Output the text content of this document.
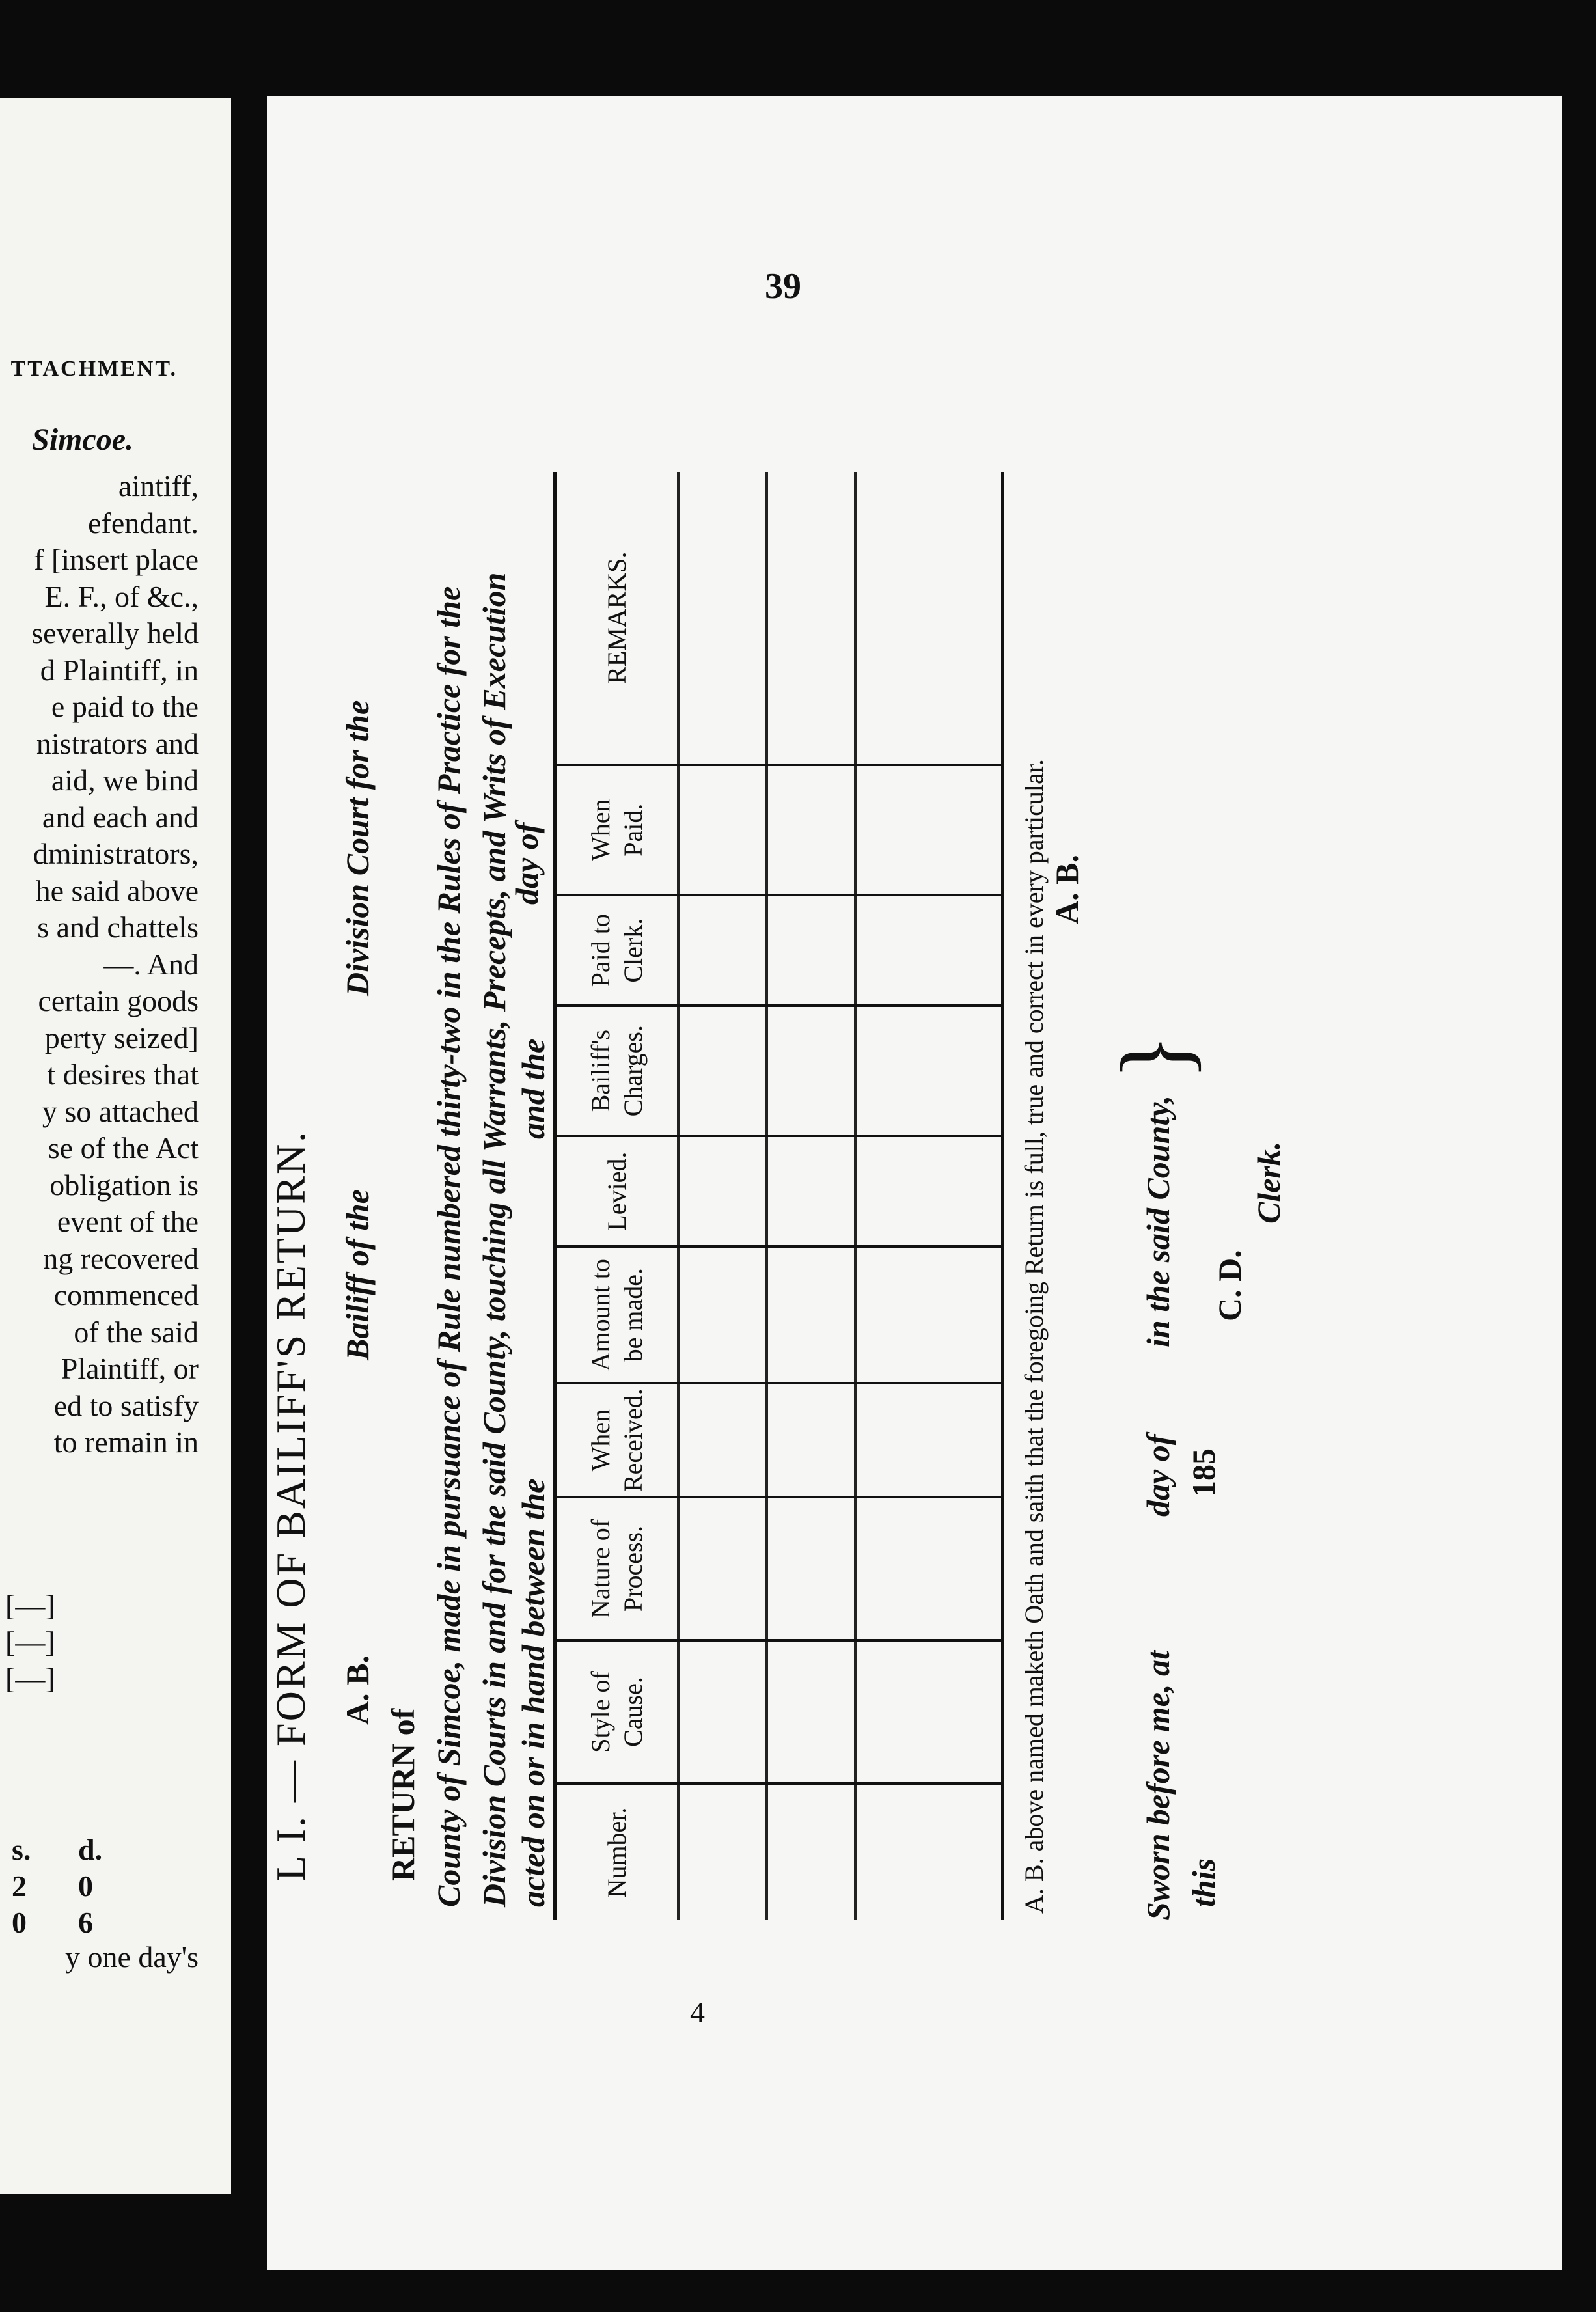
TTACHMENT.
Simcoe.
aintiff,
efendant.
f [insert place
E. F., of &c.,
severally held
d Plaintiff, in
e paid to the
nistrators and
aid, we bind
and each and
dministrators,
he said above
s and chattels
—. And
certain goods
perty seized]
t desires that
y so attached
se of the Act
obligation is
event of the
ng recovered
commenced
of the said
Plaintiff, or
ed to satisfy
to remain in
[—]
[—]
[—]
s. d.
2 0
0 6
y one day's
39
4
L I. — FORM OF BAILIFF'S RETURN. A. B.
Bailiff of the
Division Court for the
RETURN of County of Simcoe, made in pursuance of Rule numbered thirty-two in the Rules of Practice for the Division Courts in and for the said County, touching all Warrants, Precepts, and Writs of Execution acted on or in hand between the
and the
day of
Number.	Style of Cause.	Nature of Process.	When Received.	Amount to be made.	Levied.	Bailiff's Charges.	Paid to Clerk.	When Paid.	REMARKS.

A. B. above named maketh Oath and saith that the foregoing Return is full, true and correct in every particular. A. B.
Sworn before me, at this
day of 185
in the said County,
}
C. D.
Clerk.
